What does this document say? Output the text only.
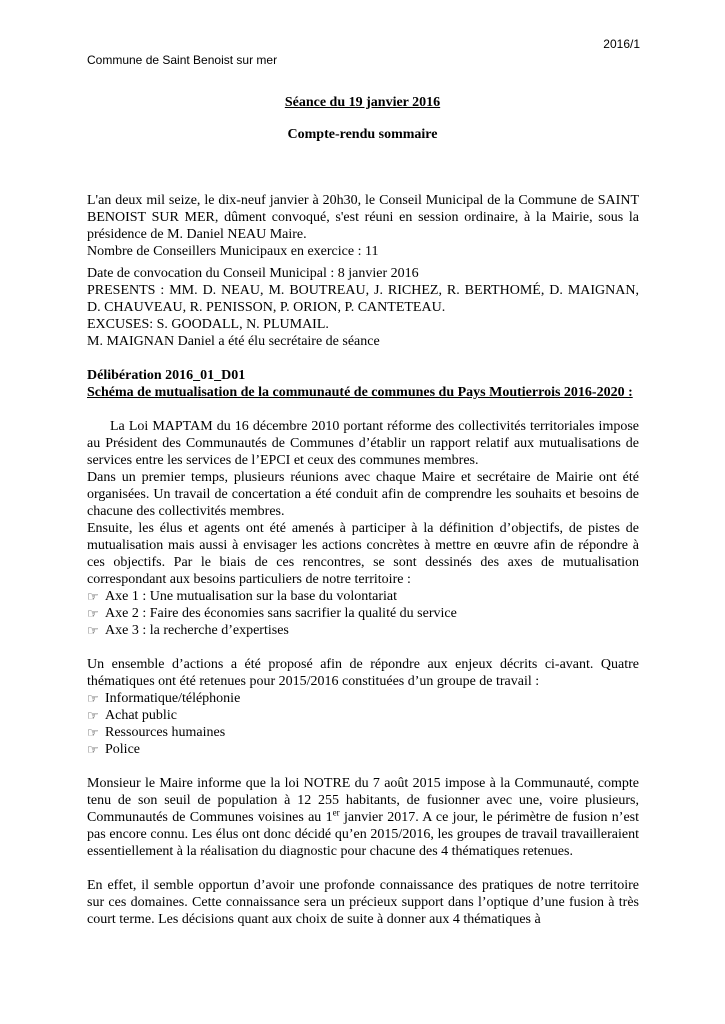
2016/1
Commune de Saint Benoist sur mer
Séance du 19 janvier 2016
Compte-rendu sommaire

L'an deux mil seize, le dix-neuf janvier à 20h30, le Conseil Municipal de la Commune de SAINT BENOIST SUR MER, dûment convoqué, s'est réuni en session ordinaire, à la Mairie, sous la présidence de M. Daniel NEAU Maire.

Nombre de Conseillers Municipaux en exercice : 11

Date de convocation du Conseil Municipal : 8 janvier 2016

PRESENTS : MM. D. NEAU, M. BOUTREAU, J. RICHEZ, R. BERTHOMÉ, D. MAIGNAN,       D. CHAUVEAU, R. PENISSON, P. ORION, P. CANTETEAU.

EXCUSES: S. GOODALL, N. PLUMAIL.

M. MAIGNAN Daniel a été élu secrétaire de séance

Délibération 2016_01_D01

Schéma de mutualisation de la communauté de communes du Pays Moutierrois 2016-2020 :

La Loi MAPTAM du 16 décembre 2010 portant réforme des collectivités territoriales impose au Président des Communautés de Communes d’établir un rapport relatif aux mutualisations de services entre les services de l’EPCI et ceux des communes membres.

Dans un premier temps, plusieurs réunions avec chaque Maire et secrétaire de Mairie ont été organisées. Un travail de concertation a été conduit afin de comprendre les souhaits et besoins de chacune des collectivités membres.

Ensuite, les élus et agents ont été amenés à participer à la définition d’objectifs, de pistes de mutualisation mais aussi à envisager les actions concrètes à mettre en œuvre afin de répondre à ces objectifs. Par le biais de ces rencontres, se sont dessinés des axes de mutualisation correspondant aux besoins particuliers de notre territoire :

☞ Axe 1 : Une mutualisation sur la base du volontariat
☞ Axe 2 : Faire des économies sans sacrifier la qualité du service
☞ Axe 3 : la recherche d’expertises

Un ensemble d’actions a été proposé afin de répondre aux enjeux décrits ci-avant. Quatre thématiques ont été retenues pour 2015/2016 constituées d’un groupe de travail :

☞ Informatique/téléphonie
☞ Achat public
☞ Ressources humaines
☞ Police

Monsieur le Maire informe que la loi NOTRE du 7 août 2015 impose à la Communauté, compte tenu de son seuil de population à 12 255 habitants, de fusionner avec une, voire plusieurs, Communautés de Communes voisines au 1er janvier 2017. A ce jour, le périmètre de fusion n’est pas encore connu. Les élus ont donc décidé qu’en 2015/2016, les groupes de travail travailleraient essentiellement à la réalisation du diagnostic pour chacune des 4 thématiques retenues.

En effet, il semble opportun d’avoir une profonde connaissance des pratiques de notre territoire sur ces domaines. Cette connaissance sera un précieux support dans l’optique d’une fusion à très court terme. Les décisions quant aux choix de suite à donner aux 4 thématiques à
